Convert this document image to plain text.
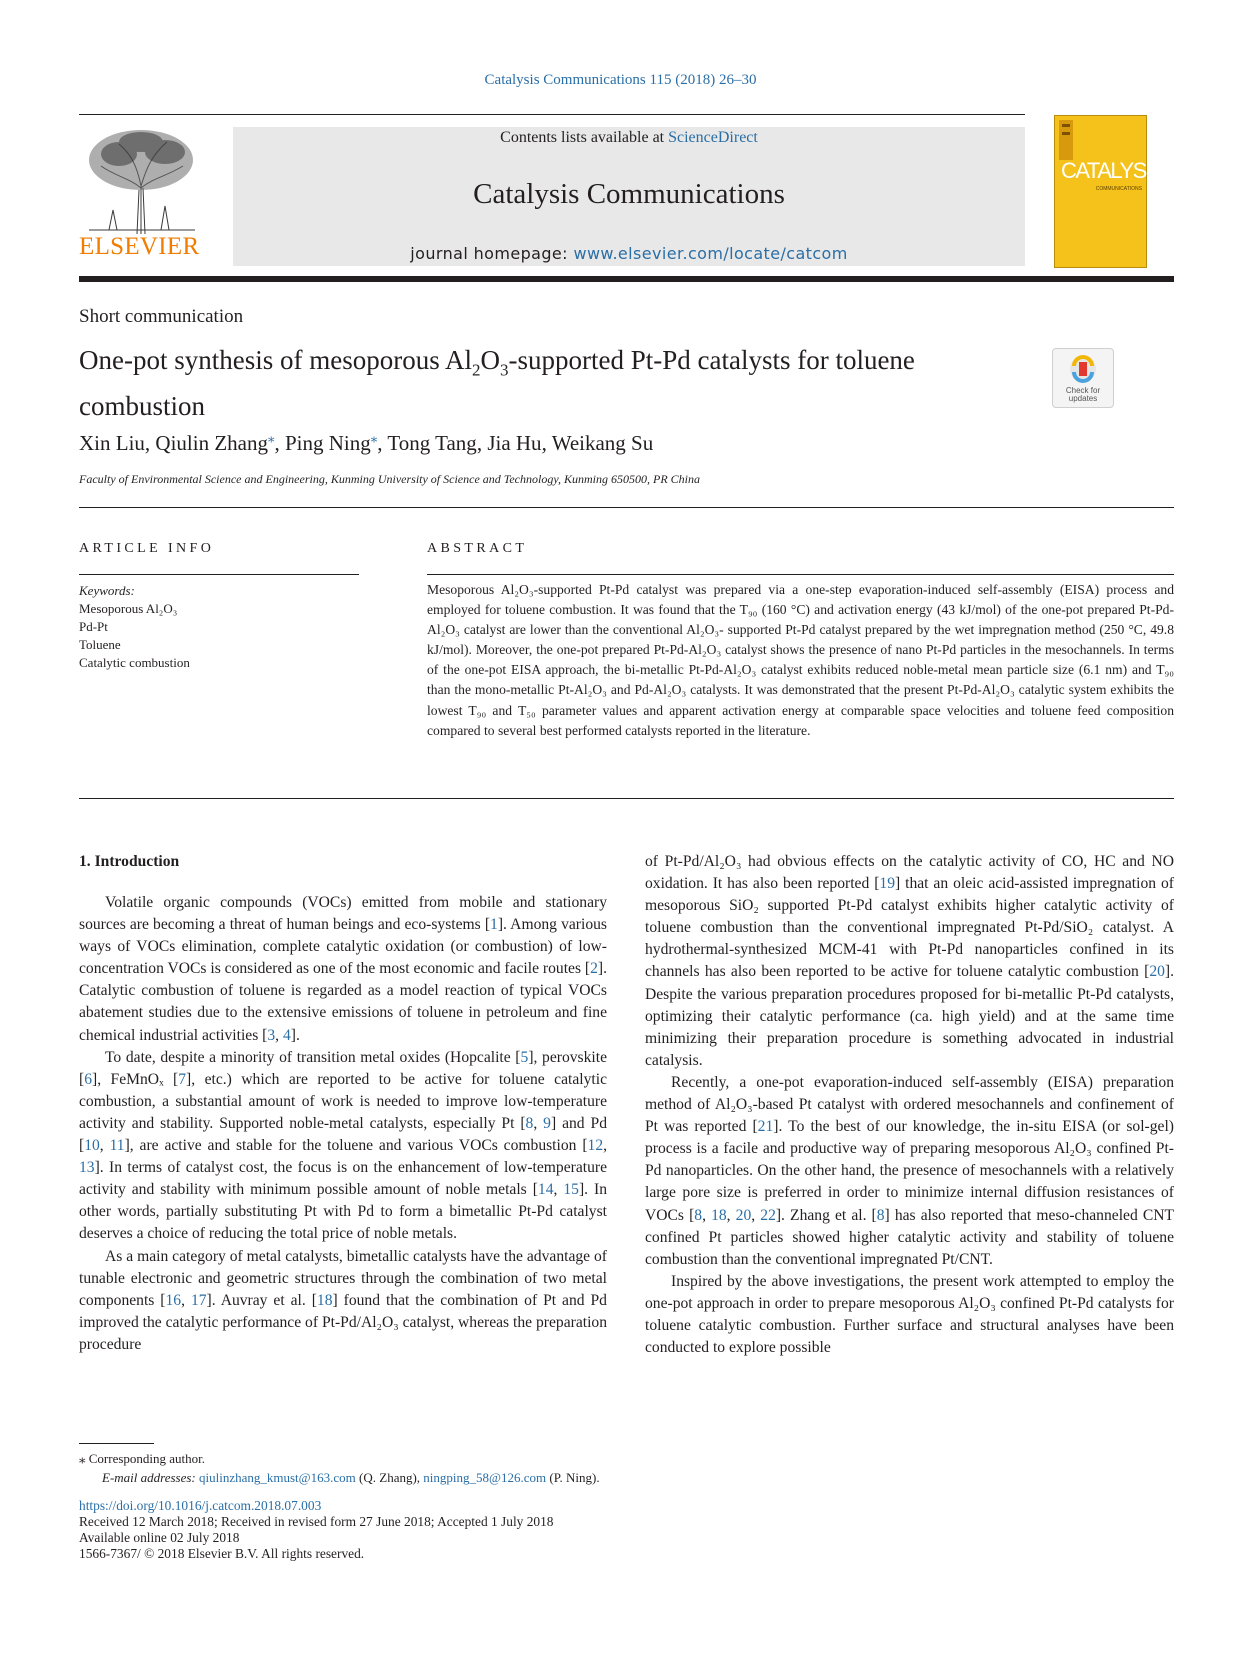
Catalysis Communications 115 (2018) 26–30
ELSEVIER
Contents lists available at ScienceDirect
Catalysis Communications
journal homepage: www.elsevier.com/locate/catcom
CATALYSIS
COMMUNICATIONS
Short communication
One-pot synthesis of mesoporous $Al_2O_3$-supported Pt-Pd catalysts for toluene combustion
Check for updates
Xin Liu, Qiulin Zhang⁎, Ping Ning⁎, Tong Tang, Jia Hu, Weikang Su
Faculty of Environmental Science and Engineering, Kunming University of Science and Technology, Kunming 650500, PR China
ARTICLE INFO
Keywords:
Mesoporous Al₂O₃
Pd-Pt
Toluene
Catalytic combustion
ABSTRACT
Mesoporous Al₂O₃-supported Pt-Pd catalyst was prepared via a one-step evaporation-induced self-assembly (EISA) process and employed for toluene combustion. It was found that the T₉₀ (160 °C) and activation energy (43 kJ/mol) of the one-pot prepared Pt-Pd-Al₂O₃ catalyst are lower than the conventional Al₂O₃- supported Pt-Pd catalyst prepared by the wet impregnation method (250 °C, 49.8 kJ/mol). Moreover, the one-pot prepared Pt-Pd-Al₂O₃ catalyst shows the presence of nano Pt-Pd particles in the mesochannels. In terms of the one-pot EISA approach, the bi-metallic Pt-Pd-Al₂O₃ catalyst exhibits reduced noble-metal mean particle size (6.1 nm) and T₉₀ than the mono-metallic Pt-Al₂O₃ and Pd-Al₂O₃ catalysts. It was demonstrated that the present Pt-Pd-Al₂O₃ catalytic system exhibits the lowest T₉₀ and T₅₀ parameter values and apparent activation energy at comparable space velocities and toluene feed composition compared to several best performed catalysts reported in the literature.
1. Introduction

Volatile organic compounds (VOCs) emitted from mobile and stationary sources are becoming a threat of human beings and eco-systems [1]. Among various ways of VOCs elimination, complete catalytic oxidation (or combustion) of low-concentration VOCs is considered as one of the most economic and facile routes [2]. Catalytic combustion of toluene is regarded as a model reaction of typical VOCs abatement studies due to the extensive emissions of toluene in petroleum and fine chemical industrial activities [3, 4].

To date, despite a minority of transition metal oxides (Hopcalite [5], perovskite [6], FeMnOₓ [7], etc.) which are reported to be active for toluene catalytic combustion, a substantial amount of work is needed to improve low-temperature activity and stability. Supported noble-metal catalysts, especially Pt [8, 9] and Pd [10, 11], are active and stable for the toluene and various VOCs combustion [12, 13]. In terms of catalyst cost, the focus is on the enhancement of low-temperature activity and stability with minimum possible amount of noble metals [14, 15]. In other words, partially substituting Pt with Pd to form a bimetallic Pt-Pd catalyst deserves a choice of reducing the total price of noble metals.

As a main category of metal catalysts, bimetallic catalysts have the advantage of tunable electronic and geometric structures through the combination of two metal components [16, 17]. Auvray et al. [18] found that the combination of Pt and Pd improved the catalytic performance of Pt-Pd/Al₂O₃ catalyst, whereas the preparation procedure

of Pt-Pd/Al₂O₃ had obvious effects on the catalytic activity of CO, HC and NO oxidation. It has also been reported [19] that an oleic acid-assisted impregnation of mesoporous SiO₂ supported Pt-Pd catalyst exhibits higher catalytic activity of toluene combustion than the conventional impregnated Pt-Pd/SiO₂ catalyst. A hydrothermal-synthesized MCM-41 with Pt-Pd nanoparticles confined in its channels has also been reported to be active for toluene catalytic combustion [20]. Despite the various preparation procedures proposed for bi-metallic Pt-Pd catalysts, optimizing their catalytic performance (ca. high yield) and at the same time minimizing their preparation procedure is something advocated in industrial catalysis.

Recently, a one-pot evaporation-induced self-assembly (EISA) preparation method of Al₂O₃-based Pt catalyst with ordered mesochannels and confinement of Pt was reported [21]. To the best of our knowledge, the in-situ EISA (or sol-gel) process is a facile and productive way of preparing mesoporous Al₂O₃ confined Pt-Pd nanoparticles. On the other hand, the presence of mesochannels with a relatively large pore size is preferred in order to minimize internal diffusion resistances of VOCs [8, 18, 20, 22]. Zhang et al. [8] has also reported that meso-channeled CNT confined Pt particles showed higher catalytic activity and stability of toluene combustion than the conventional impregnated Pt/CNT.

Inspired by the above investigations, the present work attempted to employ the one-pot approach in order to prepare mesoporous Al₂O₃ confined Pt-Pd catalysts for toluene catalytic combustion. Further surface and structural analyses have been conducted to explore possible

⁎ Corresponding author.
E-mail addresses: qiulinzhang_kmust@163.com (Q. Zhang), ningping_58@126.com (P. Ning).
https://doi.org/10.1016/j.catcom.2018.07.003
Received 12 March 2018; Received in revised form 27 June 2018; Accepted 1 July 2018
Available online 02 July 2018
1566-7367/ © 2018 Elsevier B.V. All rights reserved.
